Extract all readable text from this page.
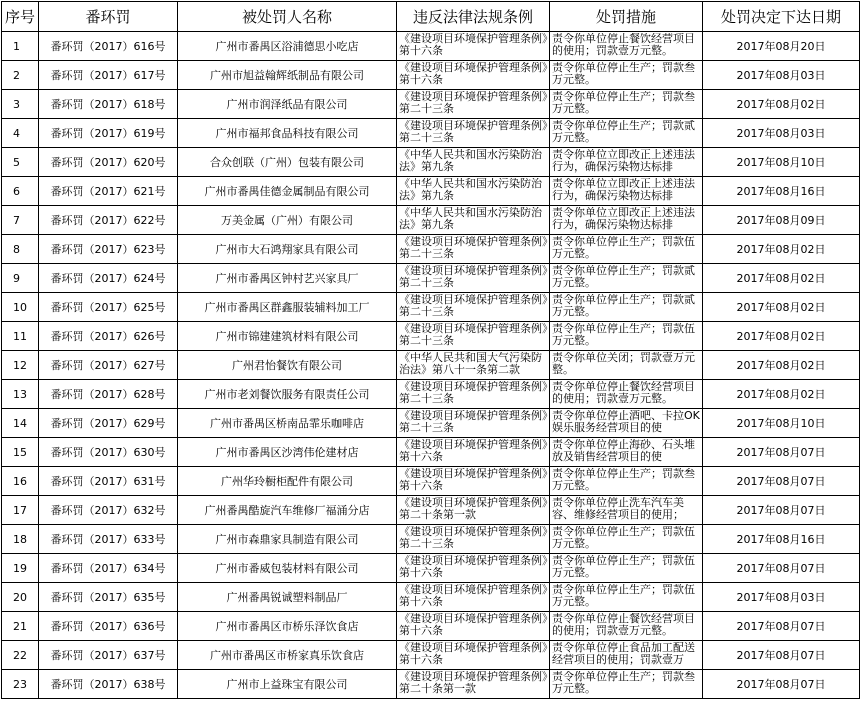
序号	番环罚	被处罚人名称	违反法律法规条例	处罚措施	处罚决定下达日期
1	番环罚（2017）616号	广州市番禺区浴浦德思小吃店	《建设项目环境保护管理条例》第十六条	责令你单位停止餐饮经营项目的使用；罚款壹万元整。	2017年08月20日
2	番环罚（2017）617号	广州市旭益翰辉纸制品有限公司	《建设项目环境保护管理条例》第十六条	责令你单位停止生产；罚款叁万元整。	2017年08月03日
3	番环罚（2017）618号	广州市润泽纸品有限公司	《建设项目环境保护管理条例》第二十三条	责令你单位停止生产；罚款叁万元整。	2017年08月02日
4	番环罚（2017）619号	广州市福邦食品科技有限公司	《建设项目环境保护管理条例》第二十三条	责令你单位停止生产；罚款贰万元整。	2017年08月03日
5	番环罚（2017）620号	合众创联（广州）包装有限公司	《中华人民共和国水污染防治法》第九条	责令你单位立即改正上述违法行为，确保污染物达标排	2017年08月10日
6	番环罚（2017）621号	广州市番禺佳德金属制品有限公司	《中华人民共和国水污染防治法》第九条	责令你单位立即改正上述违法行为，确保污染物达标排	2017年08月16日
7	番环罚（2017）622号	万美金属（广州）有限公司	《中华人民共和国水污染防治法》第九条	责令你单位立即改正上述违法行为，确保污染物达标排	2017年08月09日
8	番环罚（2017）623号	广州市大石鸿翔家具有限公司	《建设项目环境保护管理条例》第二十三条	责令你单位停止生产；罚款伍万元整。	2017年08月02日
9	番环罚（2017）624号	广州市番禺区钟村艺兴家具厂	《建设项目环境保护管理条例》第二十三条	责令你单位停止生产；罚款贰万元整。	2017年08月02日
10	番环罚（2017）625号	广州市番禺区群鑫服装辅料加工厂	《建设项目环境保护管理条例》第二十三条	责令你单位停止生产；罚款贰万元整。	2017年08月02日
11	番环罚（2017）626号	广州市锦建建筑材料有限公司	《建设项目环境保护管理条例》第二十三条	责令你单位停止生产；罚款伍万元整。	2017年08月02日
12	番环罚（2017）627号	广州君怡餐饮有限公司	《中华人民共和国大气污染防治法》第八十一条第二款	责令你单位关闭；罚款壹万元整。	2017年08月02日
13	番环罚（2017）628号	广州市老刘餐饮服务有限责任公司	《建设项目环境保护管理条例》第二十三条	责令你单位停止餐饮经营项目的使用；罚款壹万元整。	2017年08月02日
14	番环罚（2017）629号	广州市番禺区桥南品霏乐咖啡店	《建设项目环境保护管理条例》第二十三条	责令你单位停止酒吧、卡拉OK娱乐服务经营项目的使	2017年08月10日
15	番环罚（2017）630号	广州市番禺区沙湾伟伦建材店	《建设项目环境保护管理条例》第十六条	责令你单位停止海砂、石头堆放及销售经营项目的使	2017年08月07日
16	番环罚（2017）631号	广州华玲橱柜配件有限公司	《建设项目环境保护管理条例》第十六条	责令你单位停止生产；罚款叁万元整。	2017年08月07日
17	番环罚（2017）632号	广州番禺酷旋汽车维修厂福涌分店	《建设项目环境保护管理条例》第二十条第一款	责令你单位停止洗车汽车美容、维修经营项目的使用；	2017年08月07日
18	番环罚（2017）633号	广州市森鼎家具制造有限公司	《建设项目环境保护管理条例》第二十三条	责令你单位停止生产；罚款伍万元整。	2017年08月16日
19	番环罚（2017）634号	广州市番威包装材料有限公司	《建设项目环境保护管理条例》第十六条	责令你单位停止生产；罚款伍万元整。	2017年08月07日
20	番环罚（2017）635号	广州番禺锐诚塑料制品厂	《建设项目环境保护管理条例》第十六条	责令你单位停止生产；罚款伍万元整。	2017年08月03日
21	番环罚（2017）636号	广州市番禺区市桥乐泽饮食店	《建设项目环境保护管理条例》第十六条	责令你单位停止餐饮经营项目的使用；罚款壹万元整。	2017年08月07日
22	番环罚（2017）637号	广州市番禺区市桥家真乐饮食店	《建设项目环境保护管理条例》第十六条	责令你单位停止食品加工配送经营项目的使用；罚款壹万	2017年08月07日
23	番环罚（2017）638号	广州市上益珠宝有限公司	《建设项目环境保护管理条例》第二十条第一款	责令你单位停止生产；罚款叁万元整。	2017年08月07日
